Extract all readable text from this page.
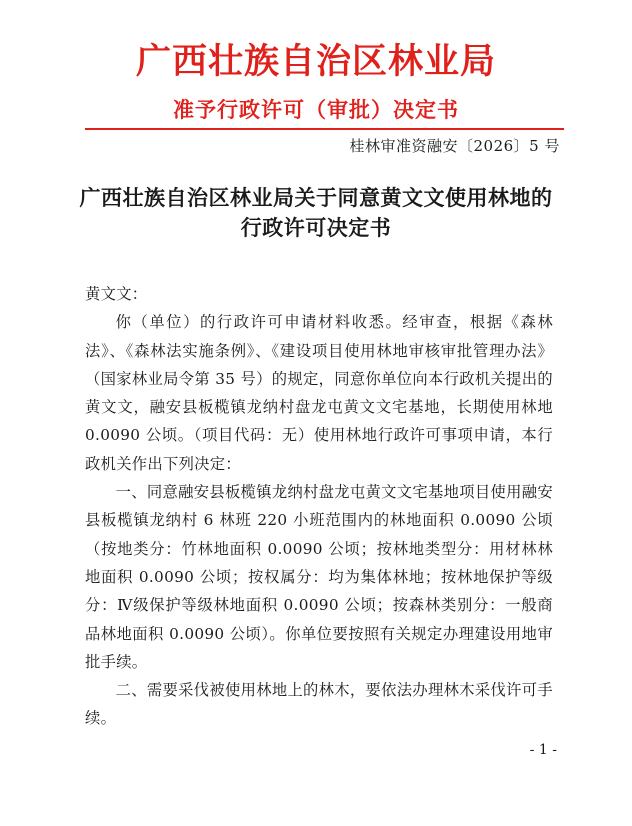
广西壮族自治区林业局
准予行政许可（审批）决定书
桂林审准资融安〔2026〕5 号
广西壮族自治区林业局关于同意黄文文使用林地的行政许可决定书

黄文文：

你（单位）的行政许可申请材料收悉。经审查，根据《森林法》、《森林法实施条例》、《建设项目使用林地审核审批管理办法》（国家林业局令第 35 号）的规定，同意你单位向本行政机关提出的黄文文，融安县板榄镇龙纳村盘龙屯黄文文宅基地，长期使用林地 0.0090 公顷。（项目代码：无）使用林地行政许可事项申请，本行政机关作出下列决定：

一、同意融安县板榄镇龙纳村盘龙屯黄文文宅基地项目使用融安县板榄镇龙纳村 6 林班 220 小班范围内的林地面积 0.0090 公顷（按地类分：竹林地面积 0.0090 公顷；按林地类型分：用材林林地面积 0.0090 公顷；按权属分：均为集体林地；按林地保护等级分：Ⅳ级保护等级林地面积 0.0090 公顷；按森林类别分：一般商品林地面积 0.0090 公顷）。你单位要按照有关规定办理建设用地审批手续。

二、需要采伐被使用林地上的林木，要依法办理林木采伐许可手续。

- 1 -
